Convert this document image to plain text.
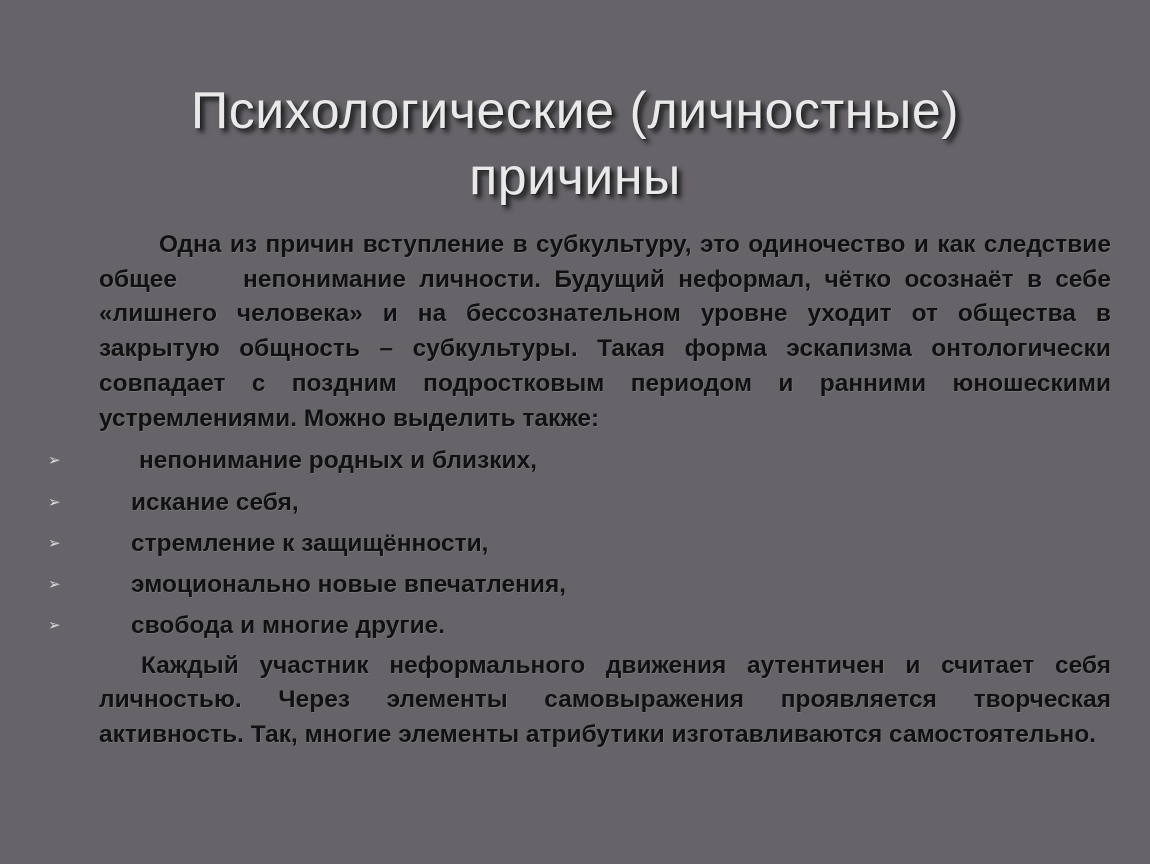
Психологические (личностные)
причины

Одна из причин вступление в субкультуру, это одиночество и как следствие общее	непонимание личности. Будущий неформал, чётко осознаёт в себе «лишнего человека» и на бессознательном уровне уходит от общества в закрытую общность – субкультуры. Такая форма эскапизма онтологически совпадает с поздним подростковым периодом и ранними юношескими устремлениями. Можно выделить также:

➢	непонимание родных и близких,
➢	искание себя,
➢	стремление к защищённости,
➢	эмоционально новые впечатления,
➢	свобода и многие другие.

Каждый участник неформального движения аутентичен и считает себя личностью. Через элементы самовыражения проявляется творческая активность. Так, многие элементы атрибутики изготавливаются самостоятельно.
